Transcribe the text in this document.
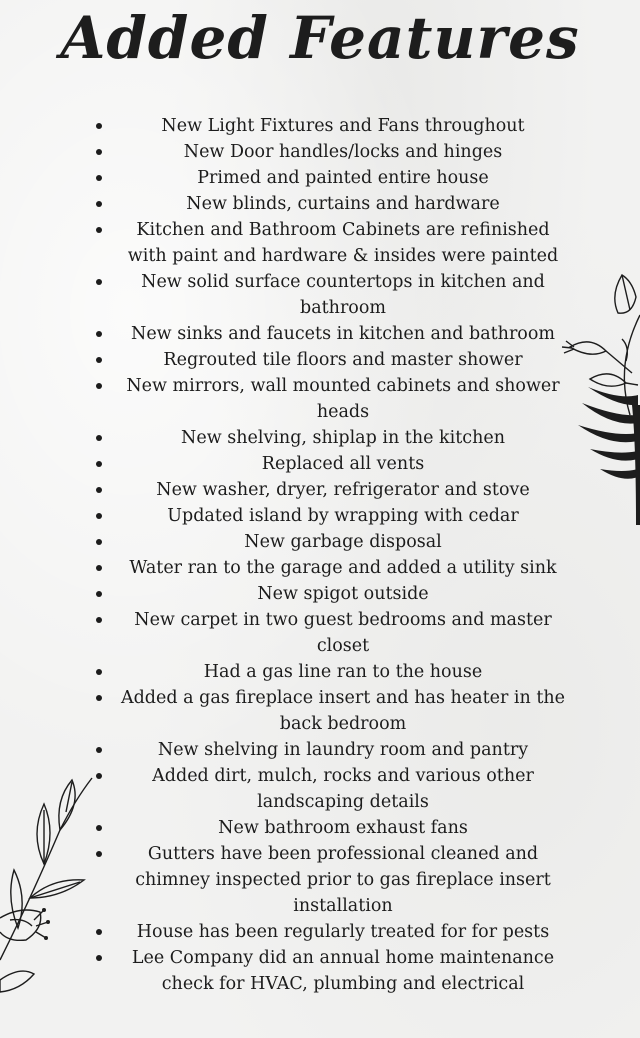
Added Features
New Light Fixtures and Fans throughout
New Door handles/locks and hinges
Primed and painted entire house
New blinds, curtains and hardware
Kitchen and Bathroom Cabinets are refinished with paint and hardware & insides were painted
New solid surface countertops in kitchen and bathroom
New sinks and faucets in kitchen and bathroom
Regrouted tile floors and master shower
New mirrors, wall mounted cabinets and shower heads
New shelving, shiplap in the kitchen
Replaced all vents
New washer, dryer, refrigerator and stove
Updated island by wrapping with cedar
New garbage disposal
Water ran to the garage and added a utility sink
New spigot outside
New carpet in two guest bedrooms and master closet
Had a gas line ran to the house
Added a gas fireplace insert and has heater in the back bedroom
New shelving in laundry room and pantry
Added dirt, mulch, rocks and various other landscaping details
New bathroom exhaust fans
Gutters have been professional cleaned and chimney inspected prior to gas fireplace insert installation
House has been regularly treated for for pests
Lee Company did an annual home maintenance check for HVAC, plumbing and electrical
